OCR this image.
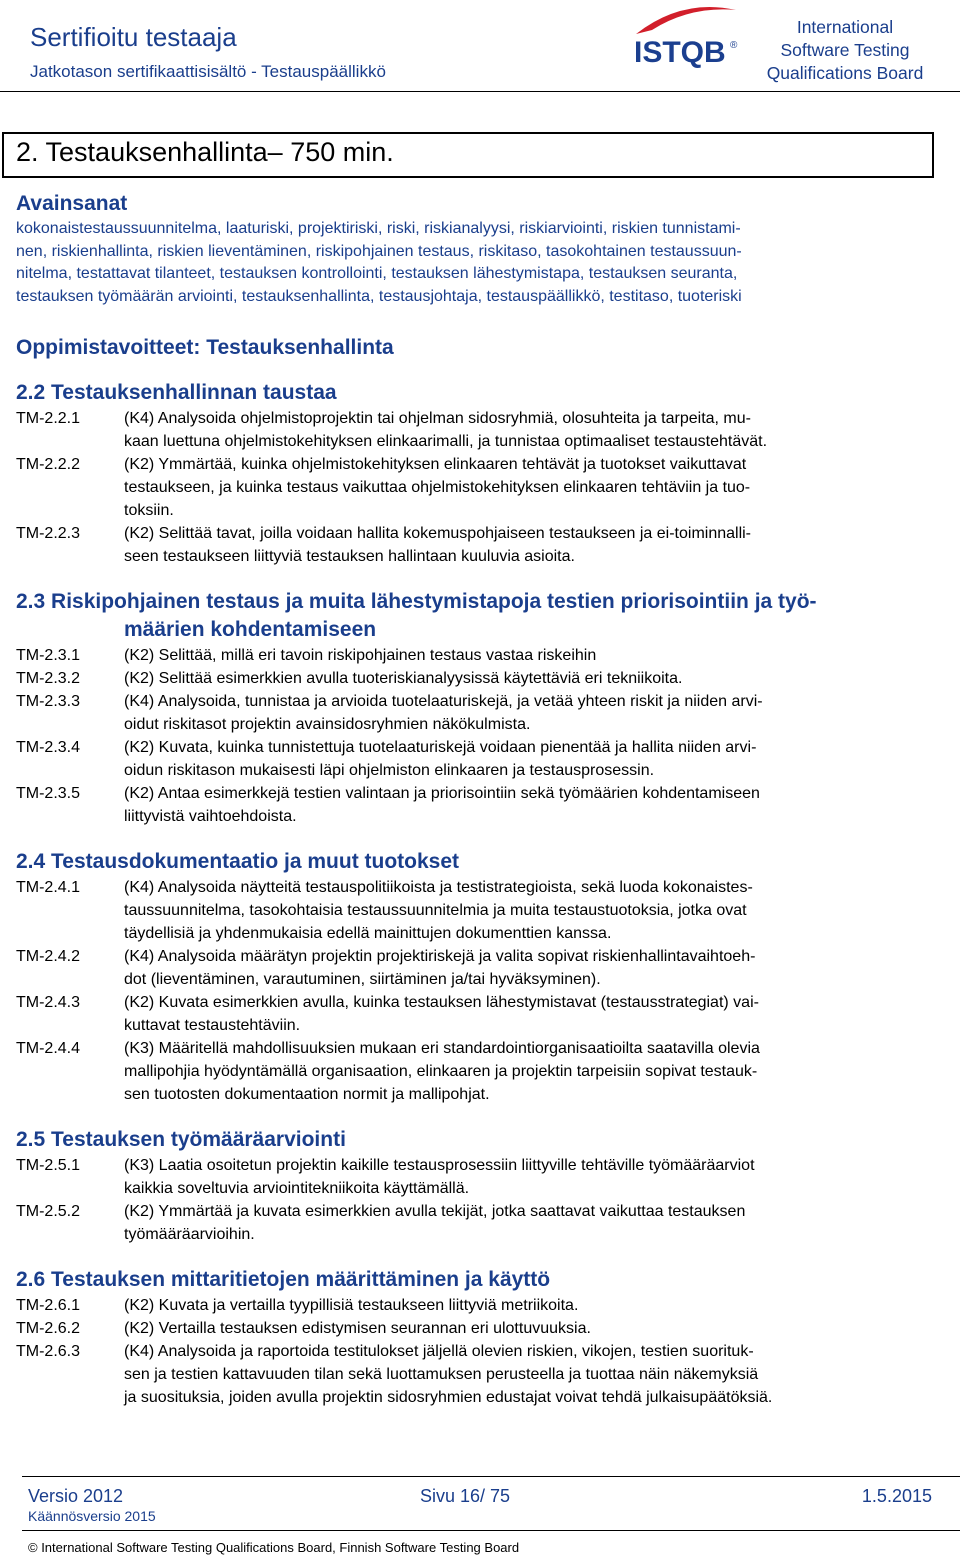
Sertifioitu testaaja
Jatkotason sertifikaattisisältö - Testauspäällikkö
ISTQB ®
International
Software Testing
Qualifications Board
2. Testauksenhallinta– 750 min.

Avainsanat

kokonaistestaussuunnitelma, laaturiski, projektiriski, riski, riskianalyysi, riskiarviointi, riskien tunnistami-

nen, riskienhallinta, riskien lieventäminen, riskipohjainen testaus, riskitaso, tasokohtainen testaussuun-

nitelma, testattavat tilanteet, testauksen kontrollointi, testauksen lähestymistapa, testauksen seuranta,

testauksen työmäärän arviointi, testauksenhallinta, testausjohtaja, testauspäällikkö, testitaso, tuoteriski

Oppimistavoitteet: Testauksenhallinta

2.2 Testauksenhallinnan taustaa

TM-2.2.1	(K4) Analysoida ohjelmistoprojektin tai ohjelman sidosryhmiä, olosuhteita ja tarpeita, mu-
kaan luettuna ohjelmistokehityksen elinkaarimalli, ja tunnistaa optimaaliset testaustehtävät.
TM-2.2.2	(K2) Ymmärtää, kuinka ohjelmistokehityksen elinkaaren tehtävät ja tuotokset vaikuttavat
testaukseen, ja kuinka testaus vaikuttaa ohjelmistokehityksen elinkaaren tehtäviin ja tuo-
toksiin.
TM-2.2.3	(K2) Selittää tavat, joilla voidaan hallita kokemuspohjaiseen testaukseen ja ei-toiminnalli-
seen testaukseen liittyviä testauksen hallintaan kuuluvia asioita.
2.3 Riskipohjainen testaus ja muita lähestymistapoja testien priorisointiin ja työ-
määrien kohdentamiseen
TM-2.3.1	(K2) Selittää, millä eri tavoin riskipohjainen testaus vastaa riskeihin
TM-2.3.2	(K2) Selittää esimerkkien avulla tuoteriskianalyysissä käytettäviä eri tekniikoita.
TM-2.3.3	(K4) Analysoida, tunnistaa ja arvioida tuotelaaturiskejä, ja vetää yhteen riskit ja niiden arvi-
oidut riskitasot projektin avainsidosryhmien näkökulmista.
TM-2.3.4	(K2) Kuvata, kuinka tunnistettuja tuotelaaturiskejä voidaan pienentää ja hallita niiden arvi-
oidun riskitason mukaisesti läpi ohjelmiston elinkaaren ja testausprosessin.
TM-2.3.5	(K2) Antaa esimerkkejä testien valintaan ja priorisointiin sekä työmäärien kohdentamiseen
liittyvistä vaihtoehdoista.

2.4 Testausdokumentaatio ja muut tuotokset

TM-2.4.1	(K4) Analysoida näytteitä testauspolitiikoista ja testistrategioista, sekä luoda kokonaistes-
taussuunnitelma, tasokohtaisia testaussuunnitelmia ja muita testaustuotoksia, jotka ovat
täydellisiä ja yhdenmukaisia edellä mainittujen dokumenttien kanssa.
TM-2.4.2	(K4) Analysoida määrätyn projektin projektiriskejä ja valita sopivat riskienhallintavaihtoeh-
dot (lieventäminen, varautuminen, siirtäminen ja/tai hyväksyminen).
TM-2.4.3	(K2) Kuvata esimerkkien avulla, kuinka testauksen lähestymistavat (testausstrategiat) vai-
kuttavat testaustehtäviin.
TM-2.4.4	(K3) Määritellä mahdollisuuksien mukaan eri standardointiorganisaatioilta saatavilla olevia
mallipohjia hyödyntämällä organisaation, elinkaaren ja projektin tarpeisiin sopivat testauk-
sen tuotosten dokumentaation normit ja mallipohjat.

2.5 Testauksen työmääräarviointi

TM-2.5.1	(K3) Laatia osoitetun projektin kaikille testausprosessiin liittyville tehtäville työmääräarviot
kaikkia soveltuvia arviointitekniikoita käyttämällä.
TM-2.5.2	(K2) Ymmärtää ja kuvata esimerkkien avulla tekijät, jotka saattavat vaikuttaa testauksen
työmääräarvioihin.

2.6 Testauksen mittaritietojen määrittäminen ja käyttö

TM-2.6.1	(K2) Kuvata ja vertailla tyypillisiä testaukseen liittyviä metriikoita.
TM-2.6.2	(K2) Vertailla testauksen edistymisen seurannan eri ulottuvuuksia.
TM-2.6.3	(K4) Analysoida ja raportoida testitulokset jäljellä olevien riskien, vikojen, testien suorituk-
sen ja testien kattavuuden tilan sekä luottamuksen perusteella ja tuottaa näin näkemyksiä
ja suosituksia, joiden avulla projektin sidosryhmien edustajat voivat tehdä julkaisupäätöksiä.
Versio 2012	Sivu 16/ 75	1.5.2015
Käännösversio 2015
© International Software Testing Qualifications Board, Finnish Software Testing Board
